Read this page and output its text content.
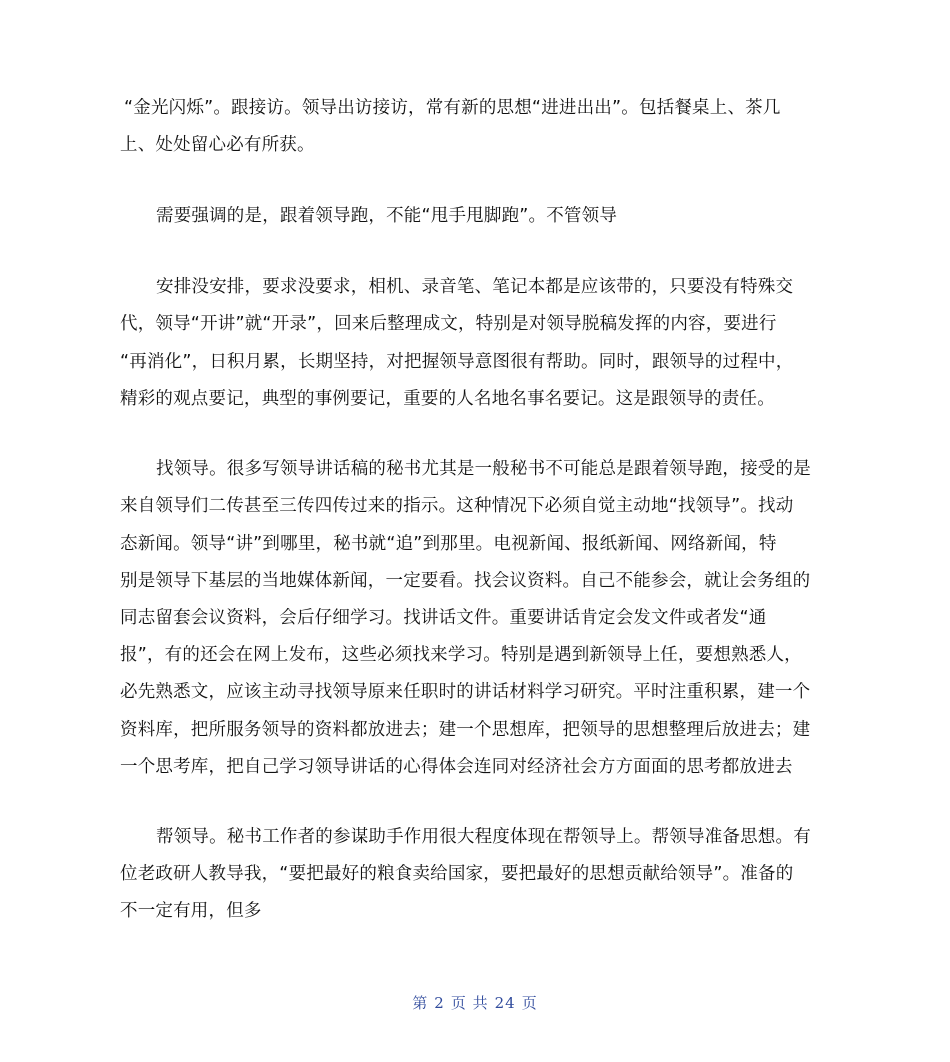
“金光闪烁”。跟接访。领导出访接访，常有新的思想“进进出出”。包括餐桌上、茶几
上、处处留心必有所获。
需要强调的是，跟着领导跑，不能“甩手甩脚跑”。不管领导
安排没安排，要求没要求，相机、录音笔、笔记本都是应该带的，只要没有特殊交
代，领导“开讲”就“开录”，回来后整理成文，特别是对领导脱稿发挥的内容，要进行
“再消化”，日积月累，长期坚持，对把握领导意图很有帮助。同时，跟领导的过程中，
精彩的观点要记，典型的事例要记，重要的人名地名事名要记。这是跟领导的责任。
找领导。很多写领导讲话稿的秘书尤其是一般秘书不可能总是跟着领导跑，接受的是
来自领导们二传甚至三传四传过来的指示。这种情况下必须自觉主动地“找领导”。找动
态新闻。领导“讲”到哪里，秘书就“追”到那里。电视新闻、报纸新闻、网络新闻，特
别是领导下基层的当地媒体新闻，一定要看。找会议资料。自己不能参会，就让会务组的
同志留套会议资料，会后仔细学习。找讲话文件。重要讲话肯定会发文件或者发“通
报”，有的还会在网上发布，这些必须找来学习。特别是遇到新领导上任，要想熟悉人，
必先熟悉文，应该主动寻找领导原来任职时的讲话材料学习研究。平时注重积累，建一个
资料库，把所服务领导的资料都放进去；建一个思想库，把领导的思想整理后放进去；建
一个思考库，把自己学习领导讲话的心得体会连同对经济社会方方面面的思考都放进去
帮领导。秘书工作者的参谋助手作用很大程度体现在帮领导上。帮领导准备思想。有
位老政研人教导我，“要把最好的粮食卖给国家，要把最好的思想贡献给领导”。准备的
不一定有用，但多
第 2 页 共 24 页
